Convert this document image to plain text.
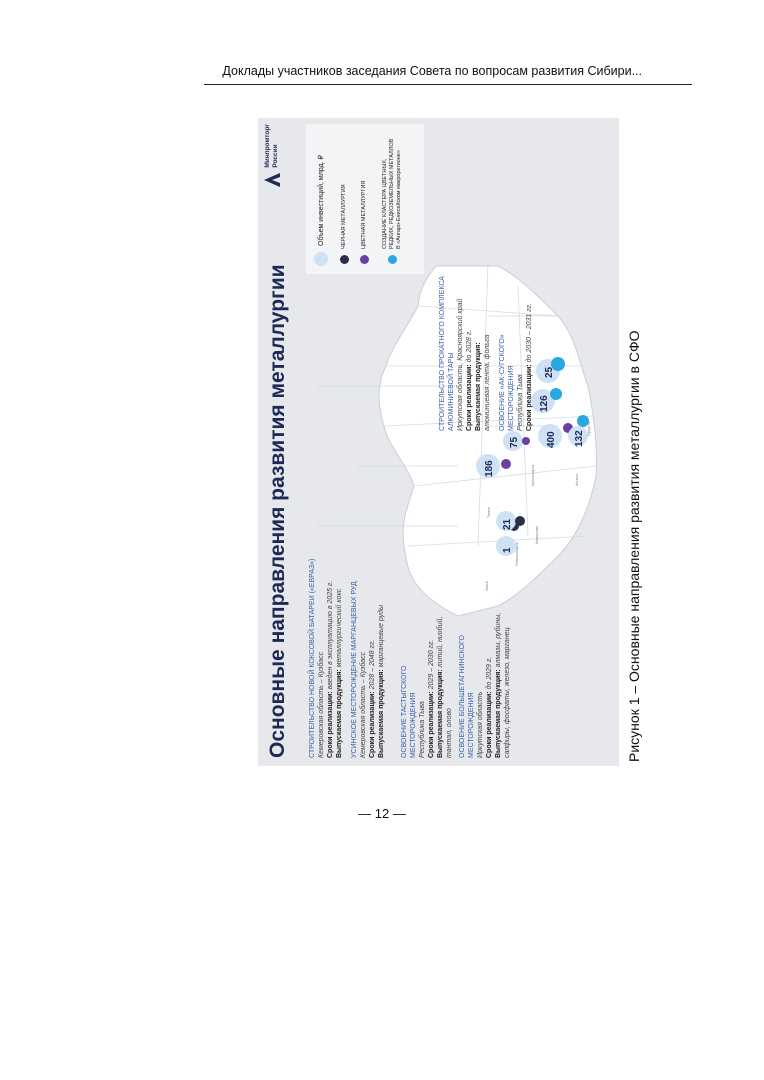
Доклады участников заседания Совета по вопросам развития Сибири...
Основные направления развития металлургии
Минпромторг России
1
21
186
75	400 132
126
25
Омск
Новосибирск
Томск
Красноярск
Кемерово
Иркутск
Кызыл
СТРОИТЕЛЬСТВО НОВОЙ КОКСОВОЙ БАТАРЕИ («ЕВРАЗ») Кемеровская область – Кузбасс Сроки реализации: введен в эксплуатацию в 2025 г.
Выпускаемая продукция: металлургический кокс УСИНСКОЕ МЕСТОРОЖДЕНИЕ МАРГАНЦЕВЫХ РУД Кемеровская область – Кузбасс Сроки реализации: 2028 – 2048 гг.
Выпускаемая продукция: марганцевые руды
ОСВОЕНИЕ ТАСТЫГСКОГО МЕСТОРОЖДЕНИЯ Республика Тыва Сроки реализации: 2029 – 2030 гг.
Выпускаемая продукция: литий, ниобий, тантал, олово ОСВОЕНИЕ БОЛЬШЕТАГНИНСКОГО МЕСТОРОЖДЕНИЯ Иркутская область Сроки реализации: до 2029 г. Выпускаемая продукция: алмазы, рубины, сапфиры, фосфаты, железо, марганец
Объем инвестиций, млрд. ₽	ЧЕРНАЯ МЕТАЛЛУРГИЯ	ЦВЕТНАЯ МЕТАЛЛУРГИЯ	СОЗДАНИЕ КЛАСТЕРА ЦВЕТНЫХ, РЕДКИХ, РЕДКОЗЕМЕЛЬНЫХ МЕТАЛЛОВ В «Ангаро-Енисейском макрорегионе»
СТРОИТЕЛЬСТВО ПРОКАТНОГО КОМПЛЕКСА АЛЮМИНИЕВОЙ ТАРЫ Иркутская область, Красноярский край Сроки реализации: до 2028 г. Выпускаемая продукция: алюминиевая лента, фольга ОСВОЕНИЕ «АК-СУГСКОГО» МЕСТОРОЖДЕНИЯ Республика Тыва Сроки реализации: до 2030 – 2031 гг.	Рисунок 1 – Основные направления развития металлургии в СФО
— 12 —
